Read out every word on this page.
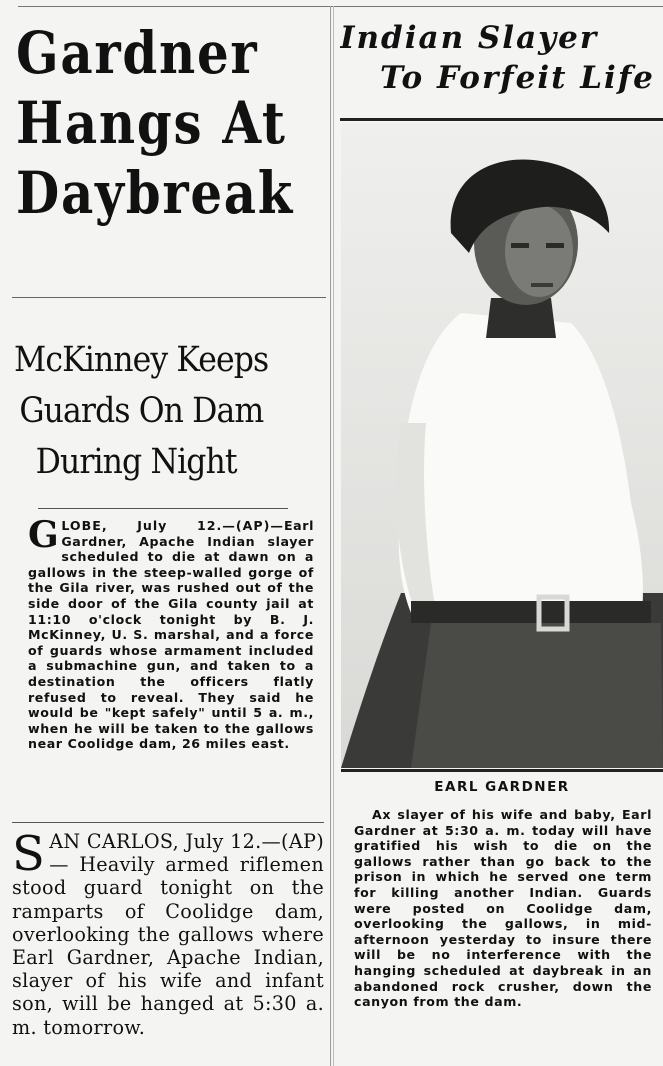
Gardner
Hangs At
Daybreak
McKinney Keeps
Guards On Dam
During Night
GLOBE, July 12.—(AP)—Earl Gardner, Apache Indian slayer scheduled to die at dawn on a gallows in the steep-walled gorge of the Gila river, was rushed out of the side door of the Gila county jail at 11:10 o'clock tonight by B. J. McKinney, U. S. marshal, and a force of guards whose armament included a submachine gun, and taken to a destination the officers flatly refused to reveal. They said he would be "kept safely" until 5 a. m., when he will be taken to the gallows near Coolidge dam, 26 miles east.
SAN CARLOS, July 12.—(AP) — Heavily armed riflemen stood guard tonight on the ramparts of Coolidge dam, overlooking the gallows where Earl Gardner, Apache Indian, slayer of his wife and infant son, will be hanged at 5:30 a. m. tomorrow.
Indian Slayer
To Forfeit Life
EARL GARDNER
Ax slayer of his wife and baby, Earl Gardner at 5:30 a. m. today will have gratified his wish to die on the gallows rather than go back to the prison in which he served one term for killing another Indian. Guards were posted on Coolidge dam, overlooking the gallows, in mid-afternoon yesterday to insure there will be no interference with the hanging scheduled at daybreak in an abandoned rock crusher, down the canyon from the dam.
